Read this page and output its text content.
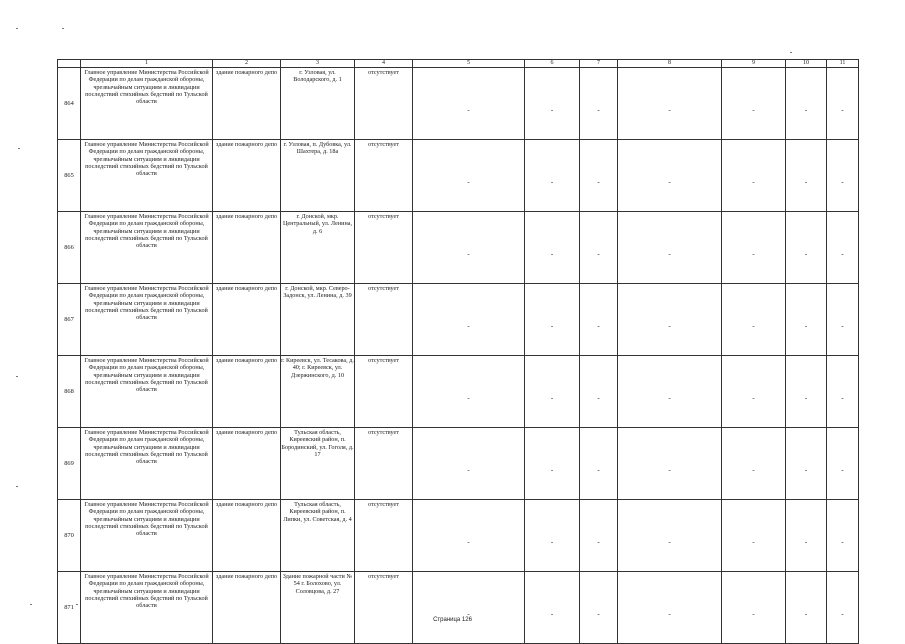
	1	2	3	4	5	6	7	8	9	10	11
864	Главное управление Министерства Российской Федерации по делам гражданской обороны, чрезвычайным ситуациям и ликвидации последствий стихийных бедствий по Тульской области	здание пожарного депо	г. Узловая, ул. Володарского, д. 1	отсутствует	-	-	-	-	-	-	-
865	Главное управление Министерства Российской Федерации по делам гражданской обороны, чрезвычайным ситуациям и ликвидации последствий стихийных бедствий по Тульской области	здание пожарного депо	г. Узловая, п. Дубовка, ул. Шахтера, д. 18а	отсутствует	-	-	-	-	-	-	-
866	Главное управление Министерства Российской Федерации по делам гражданской обороны, чрезвычайным ситуациям и ликвидации последствий стихийных бедствий по Тульской области	здание пожарного депо	г. Донской, мкр. Центральный, ул. Ленина, д. 6	отсутствует	-	-	-	-	-	-	-
867	Главное управление Министерства Российской Федерации по делам гражданской обороны, чрезвычайным ситуациям и ликвидации последствий стихийных бедствий по Тульской области	здание пожарного депо	г. Донской, мкр. Северо-Задонск, ул. Ленина, д. 39	отсутствует	-	-	-	-	-	-	-
868	Главное управление Министерства Российской Федерации по делам гражданской обороны, чрезвычайным ситуациям и ликвидации последствий стихийных бедствий по Тульской области	здание пожарного депо	г. Киреевск, ул. Тесакова, д. 40; г. Киреевск, ул. Дзержинского, д. 10	отсутствует	-	-	-	-	-	-	-
869	Главное управление Министерства Российской Федерации по делам гражданской обороны, чрезвычайным ситуациям и ликвидации последствий стихийных бедствий по Тульской области	здание пожарного депо	Тульская область, Киреевский район, п. Бородинский, ул. Гоголя, д. 17	отсутствует	-	-	-	-	-	-	-
870	Главное управление Министерства Российской Федерации по делам гражданской обороны, чрезвычайным ситуациям и ликвидации последствий стихийных бедствий по Тульской области	здание пожарного депо	Тульская область, Киреевский район, п. Липки, ул. Советская, д. 4	отсутствует	-	-	-	-	-	-	-
871	Главное управление Министерства Российской Федерации по делам гражданской обороны, чрезвычайным ситуациям и ликвидации последствий стихийных бедствий по Тульской области	здание пожарного депо	Здание пожарной части № 54 г. Болохово, ул. Соловцова, д. 27	отсутствует	-	-	-	-	-	-	-
Страница 126
